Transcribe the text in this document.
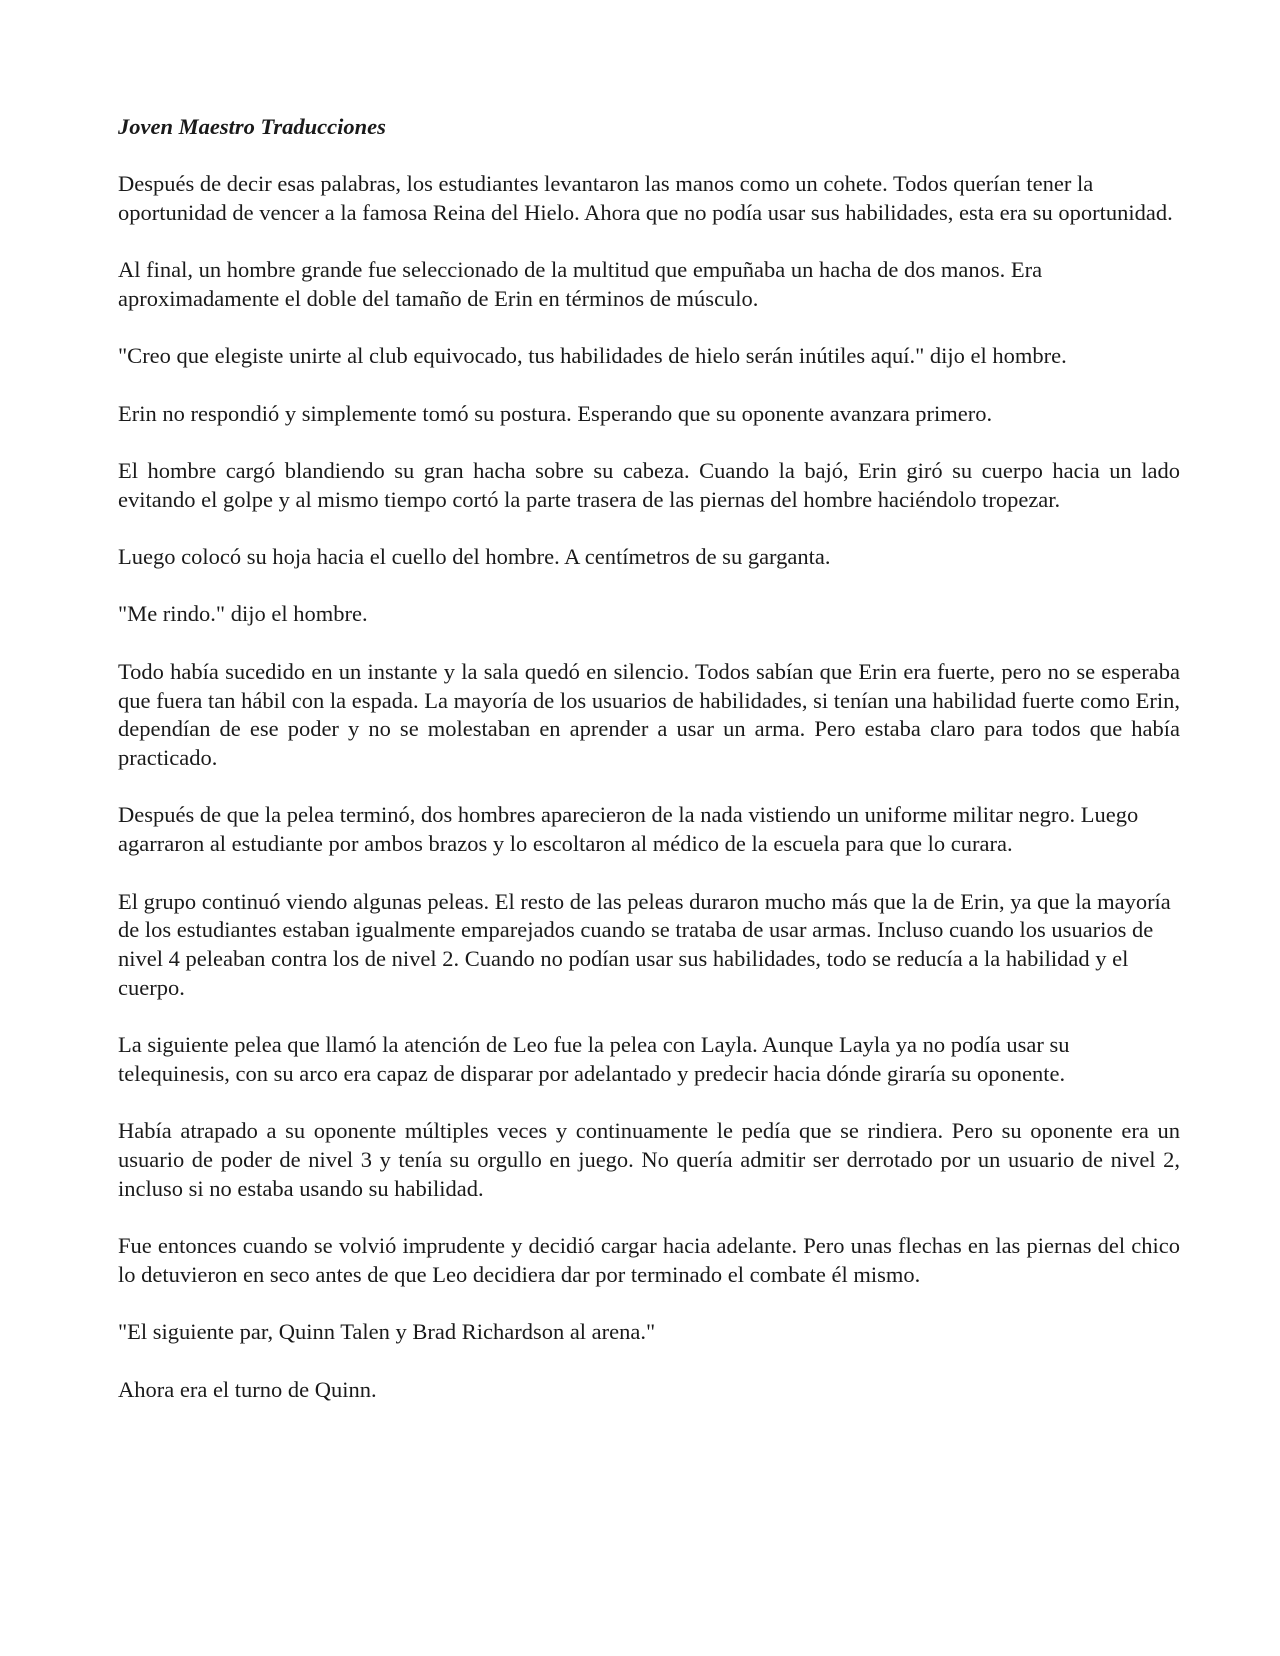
Joven Maestro Traducciones

Después de decir esas palabras, los estudiantes levantaron las manos como un cohete. Todos querían tener la oportunidad de vencer a la famosa Reina del Hielo. Ahora que no podía usar sus habilidades, esta era su oportunidad.

Al final, un hombre grande fue seleccionado de la multitud que empuñaba un hacha de dos manos. Era aproximadamente el doble del tamaño de Erin en términos de músculo.

"Creo que elegiste unirte al club equivocado, tus habilidades de hielo serán inútiles aquí." dijo el hombre.

Erin no respondió y simplemente tomó su postura. Esperando que su oponente avanzara primero.

El hombre cargó blandiendo su gran hacha sobre su cabeza. Cuando la bajó, Erin giró su cuerpo hacia un lado evitando el golpe y al mismo tiempo cortó la parte trasera de las piernas del hombre haciéndolo tropezar.

Luego colocó su hoja hacia el cuello del hombre. A centímetros de su garganta.

"Me rindo." dijo el hombre.

Todo había sucedido en un instante y la sala quedó en silencio. Todos sabían que Erin era fuerte, pero no se esperaba que fuera tan hábil con la espada. La mayoría de los usuarios de habilidades, si tenían una habilidad fuerte como Erin, dependían de ese poder y no se molestaban en aprender a usar un arma. Pero estaba claro para todos que había practicado.

Después de que la pelea terminó, dos hombres aparecieron de la nada vistiendo un uniforme militar negro. Luego agarraron al estudiante por ambos brazos y lo escoltaron al médico de la escuela para que lo curara.

El grupo continuó viendo algunas peleas. El resto de las peleas duraron mucho más que la de Erin, ya que la mayoría de los estudiantes estaban igualmente emparejados cuando se trataba de usar armas. Incluso cuando los usuarios de nivel 4 peleaban contra los de nivel 2. Cuando no podían usar sus habilidades, todo se reducía a la habilidad y el cuerpo.

La siguiente pelea que llamó la atención de Leo fue la pelea con Layla. Aunque Layla ya no podía usar su telequinesis, con su arco era capaz de disparar por adelantado y predecir hacia dónde giraría su oponente.

Había atrapado a su oponente múltiples veces y continuamente le pedía que se rindiera. Pero su oponente era un usuario de poder de nivel 3 y tenía su orgullo en juego. No quería admitir ser derrotado por un usuario de nivel 2, incluso si no estaba usando su habilidad.

Fue entonces cuando se volvió imprudente y decidió cargar hacia adelante. Pero unas flechas en las piernas del chico lo detuvieron en seco antes de que Leo decidiera dar por terminado el combate él mismo.

"El siguiente par, Quinn Talen y Brad Richardson al arena."

Ahora era el turno de Quinn.
